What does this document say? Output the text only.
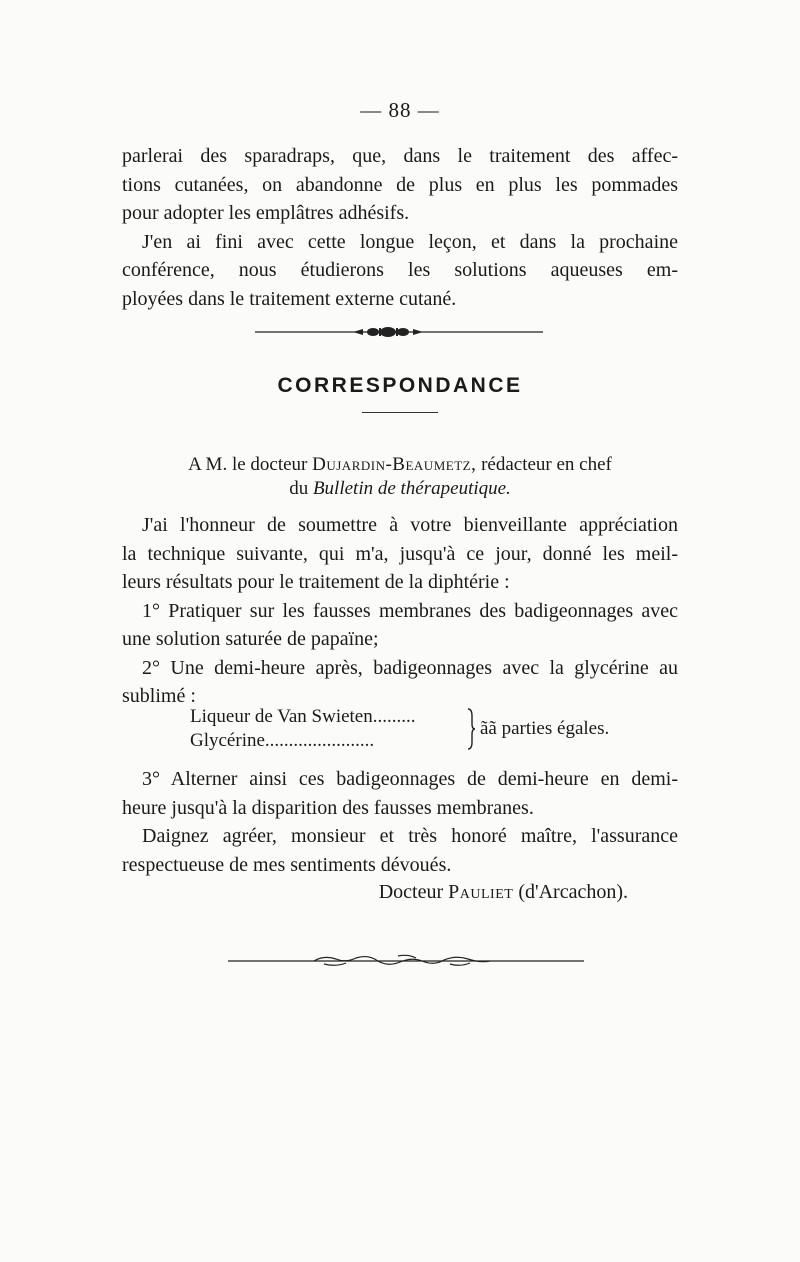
— 88 —
parlerai des sparadraps, que, dans le traitement des affec-
tions cutanées, on abandonne de plus en plus les pommades
pour adopter les emplâtres adhésifs.
J'en ai fini avec cette longue leçon, et dans la prochaine
conférence, nous étudierons les solutions aqueuses em-
ployées dans le traitement externe cutané.
CORRESPONDANCE
A M. le docteur Dujardin-Beaumetz, rédacteur en chef
du Bulletin de thérapeutique.
J'ai l'honneur de soumettre à votre bienveillante appréciation
la technique suivante, qui m'a, jusqu'à ce jour, donné les meil-
leurs résultats pour le traitement de la diphtérie :
1° Pratiquer sur les fausses membranes des badigeonnages avec
une solution saturée de papaïne;
2° Une demi-heure après, badigeonnages avec la glycérine au
sublimé :
Liqueur de Van Swieten.........
Glycérine.......................
ãã parties égales.
3° Alterner ainsi ces badigeonnages de demi-heure en demi-
heure jusqu'à la disparition des fausses membranes.
Daignez agréer, monsieur et très honoré maître, l'assurance
respectueuse de mes sentiments dévoués.
Docteur Pauliet (d'Arcachon).
